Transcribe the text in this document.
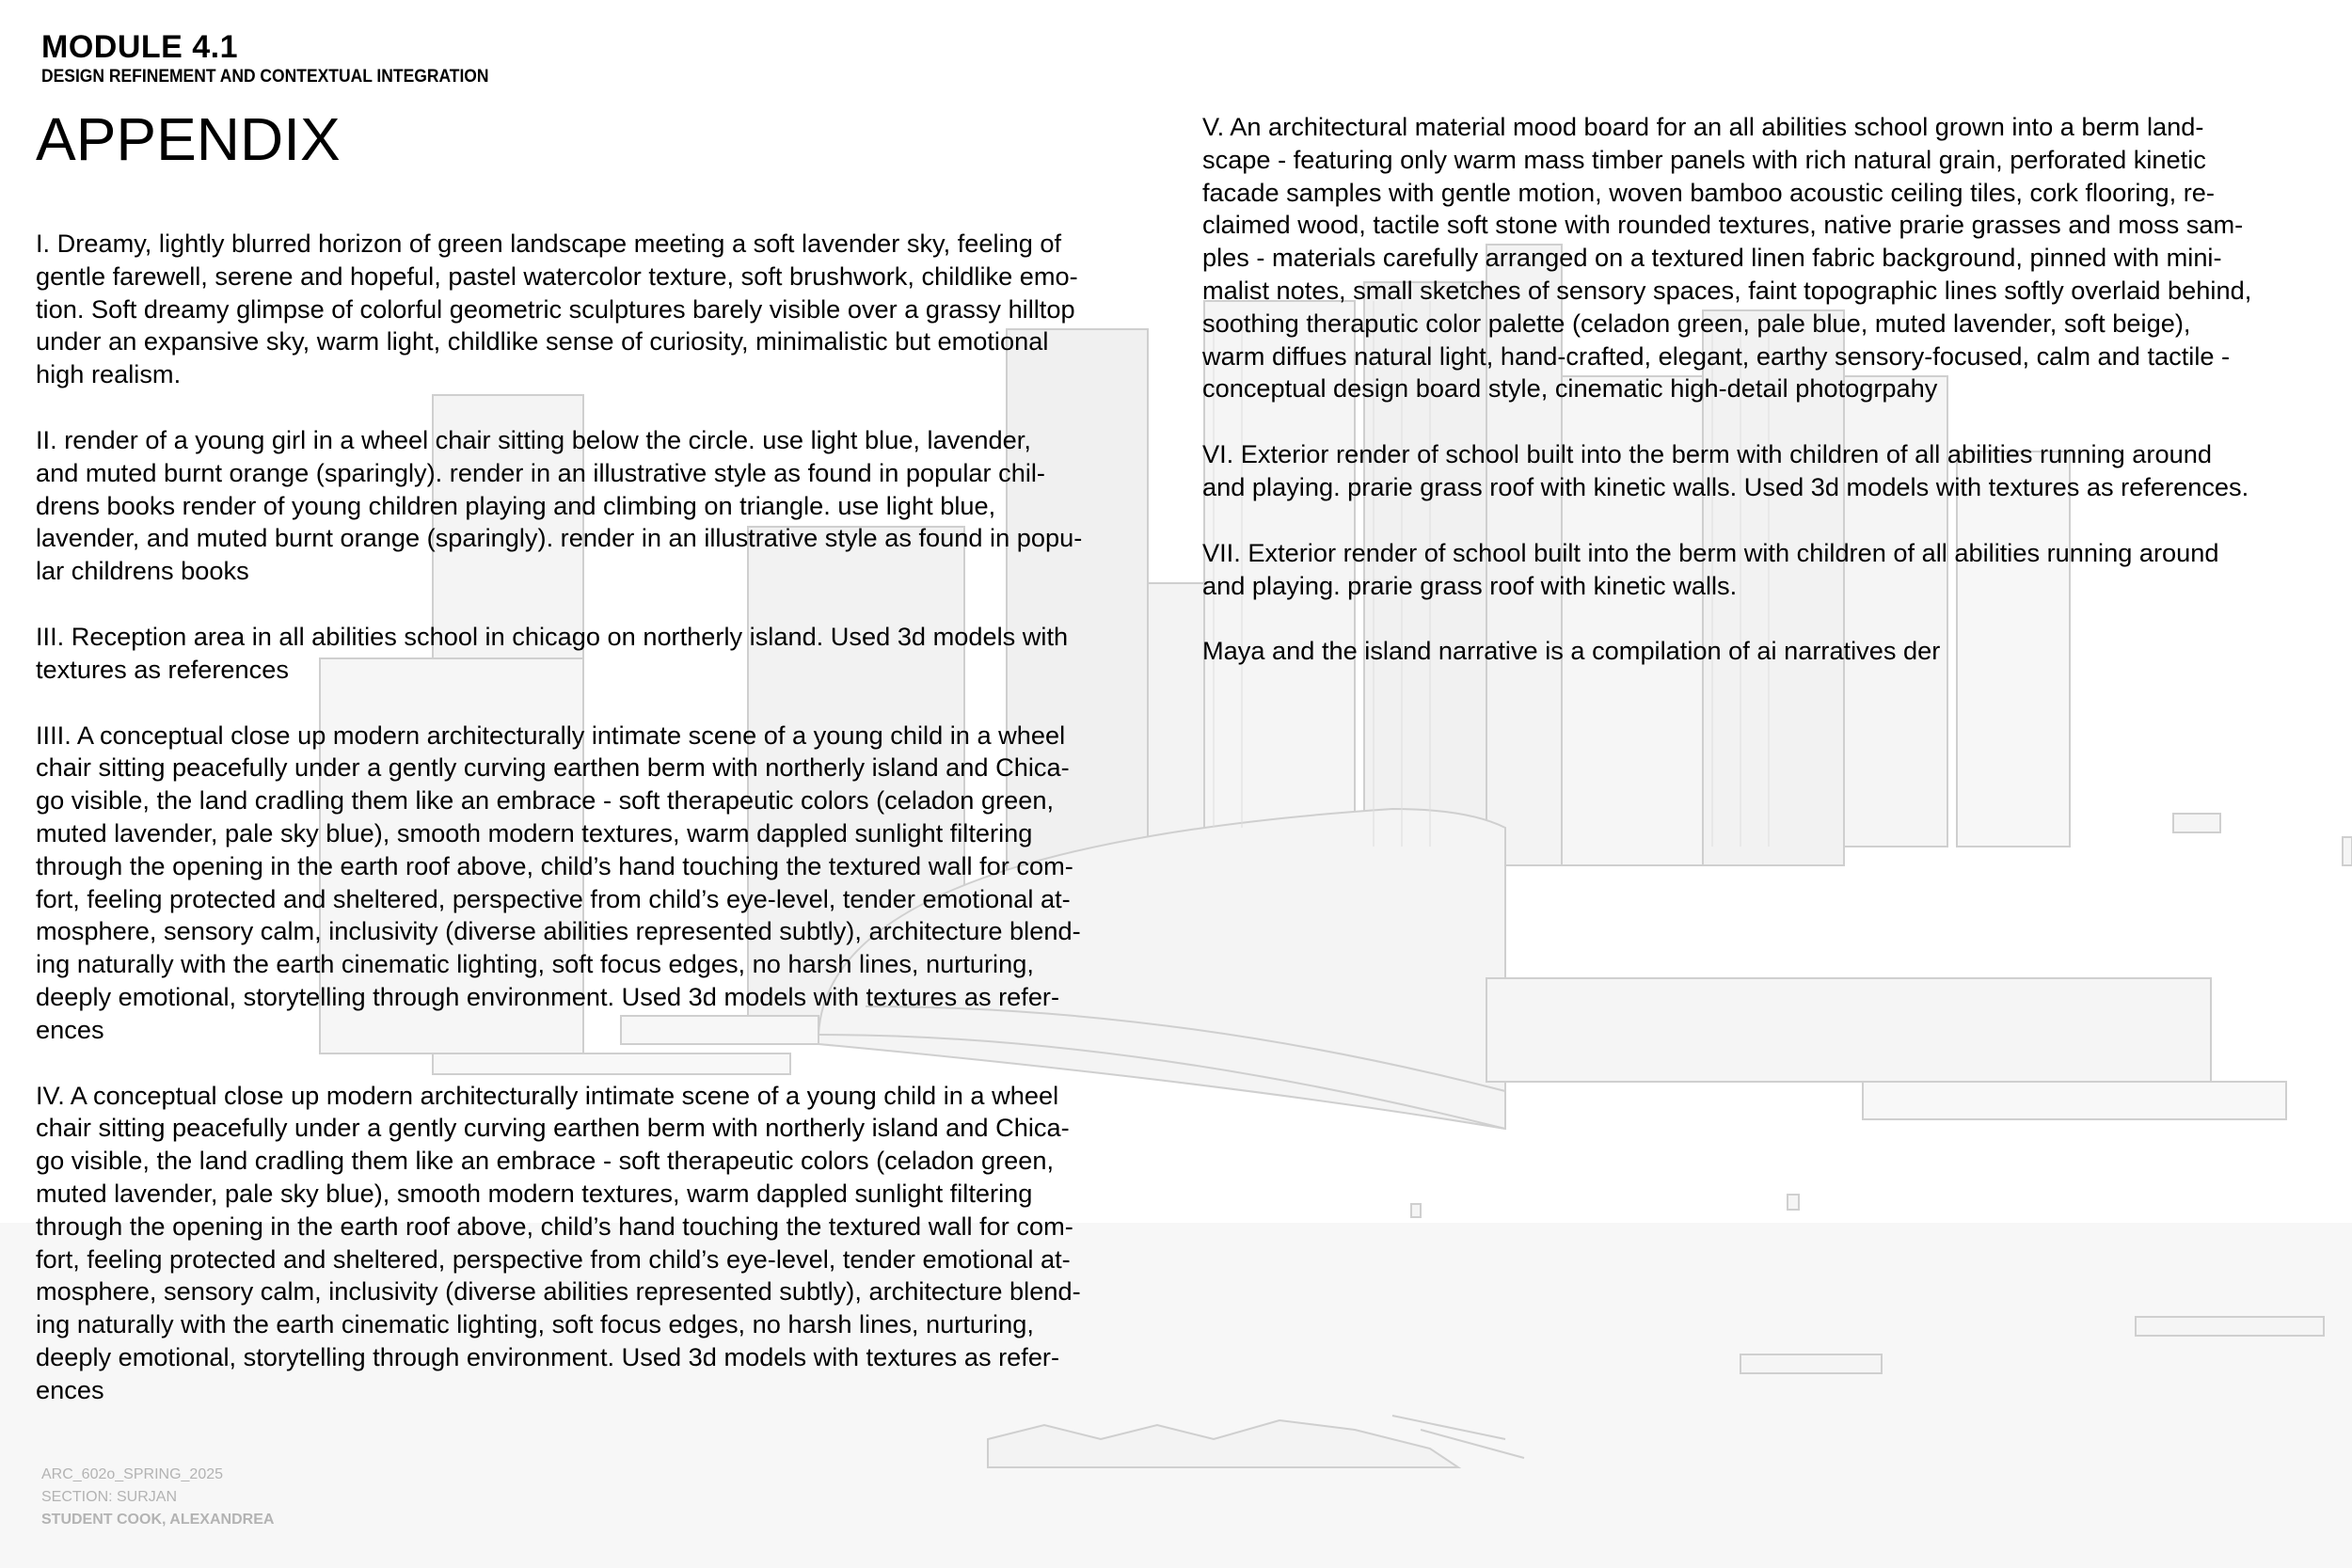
MODULE 4.1
DESIGN REFINEMENT AND CONTEXTUAL INTEGRATION
APPENDIX

I. Dreamy, lightly blurred horizon of green landscape meeting a soft lavender sky, feeling of
gentle farewell, serene and hopeful, pastel watercolor texture, soft brushwork, childlike emo-
tion. Soft dreamy glimpse of colorful geometric sculptures barely visible over a grassy hilltop
under an expansive sky, warm light, childlike sense of curiosity, minimalistic but emotional
high realism.

II. render of a young girl in a wheel chair sitting below the circle. use light blue, lavender,
and muted burnt orange (sparingly). render in an illustrative style as found in popular chil-
drens books render of young children playing and climbing on triangle. use light blue,
lavender, and muted burnt orange (sparingly). render in an illustrative style as found in popu-
lar childrens books

III. Reception area in all abilities school in chicago on northerly island. Used 3d models with
textures as references

IIII. A conceptual close up modern architecturally intimate scene of a young child in a wheel
chair sitting peacefully under a gently curving earthen berm with northerly island and Chica-
go visible, the land cradling them like an embrace - soft therapeutic colors (celadon green,
muted lavender, pale sky blue), smooth modern textures, warm dappled sunlight filtering
through the opening in the earth roof above, child’s hand touching the textured wall for com-
fort, feeling protected and sheltered, perspective from child’s eye-level, tender emotional at-
mosphere, sensory calm, inclusivity (diverse abilities represented subtly), architecture blend-
ing naturally with the earth cinematic lighting, soft focus edges, no harsh lines, nurturing,
deeply emotional, storytelling through environment. Used 3d models with textures as refer-
ences

IV. A conceptual close up modern architecturally intimate scene of a young child in a wheel
chair sitting peacefully under a gently curving earthen berm with northerly island and Chica-
go visible, the land cradling them like an embrace - soft therapeutic colors (celadon green,
muted lavender, pale sky blue), smooth modern textures, warm dappled sunlight filtering
through the opening in the earth roof above, child’s hand touching the textured wall for com-
fort, feeling protected and sheltered, perspective from child’s eye-level, tender emotional at-
mosphere, sensory calm, inclusivity (diverse abilities represented subtly), architecture blend-
ing naturally with the earth cinematic lighting, soft focus edges, no harsh lines, nurturing,
deeply emotional, storytelling through environment. Used 3d models with textures as refer-
ences

V. An architectural material mood board for an all abilities school grown into a berm land-
scape - featuring only warm mass timber panels with rich natural grain, perforated kinetic
facade samples with gentle motion, woven bamboo acoustic ceiling tiles, cork flooring, re-
claimed wood, tactile soft stone with rounded textures, native prarie grasses and moss sam-
ples - materials carefully arranged on a textured linen fabric background, pinned with mini-
malist notes, small sketches of sensory spaces, faint topographic lines softly overlaid behind,
soothing theraputic color palette (celadon green, pale blue, muted lavender, soft beige),
warm diffues natural light, hand-crafted, elegant, earthy sensory-focused, calm and tactile -
conceptual design board style, cinematic high-detail photogrpahy

VI. Exterior render of school built into the berm with children of all abilities running around
and playing. prarie grass roof with kinetic walls. Used 3d models with textures as references.

VII. Exterior render of school built into the berm with children of all abilities running around
and playing. prarie grass roof with kinetic walls.

Maya and the island narrative is a compilation of ai narratives der

ARC_602o_SPRING_2025
SECTION: SURJAN
STUDENT COOK, ALEXANDREA
